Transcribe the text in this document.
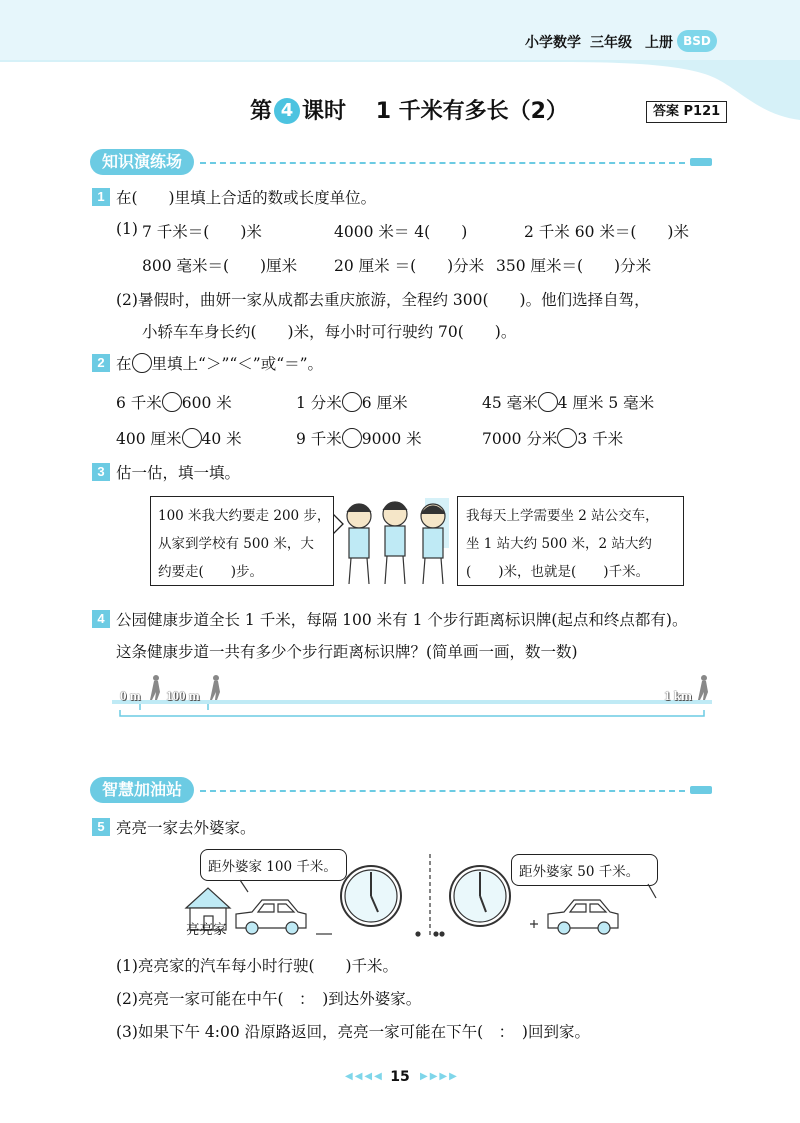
小学数学 三年级 上册 BSD
第 4 课时 1 千米有多长（2）	答案 P121
知识演练场
1 在(　　)里填上合适的数或长度单位。
(1) 7 千米＝(　　)米	4000 米＝ 4(　　)	2 千米 60 米＝(　　)米
800 毫米＝(　　)厘米 20 厘米 ＝(　　)分米 350 厘米＝(　　)分米
(2)暑假时，曲妍一家从成都去重庆旅游，全程约 300(　　)。他们选择自驾，
小轿车车身长约(　　)米，每小时可行驶约 70(　　)。
2 在 里填上“＞”“＜”或“＝”。
6 千米 600 米	1 分米 6 厘米	45 毫米 4 厘米 5 毫米
400 厘米 40 米	9 千米 9000 米	7000 分米 3 千米
3 估一估，填一填。
100 米我大约要走 200 步，
从家到学校有 500 米，大
约要走(　　)步。
我每天上学需要坐 2 站公交车，
坐 1 站大约 500 米，2 站大约
(　　)米，也就是(　　)千米。
4 公园健康步道全长 1 千米，每隔 100 米有 1 个步行距离标识牌(起点和终点都有)。
这条健康步道一共有多少个步行距离标识牌？(简单画一画，数一数)
0 m 100 m	1 km
智慧加油站
5 亮亮一家去外婆家。
距外婆家 100 千米。	距外婆家 50 千米。
亮亮家
(1)亮亮家的汽车每小时行驶(　　)千米。
(2)亮亮一家可能在中午(　：　)到达外婆家。
(3)如果下午 4:00 沿原路返回，亮亮一家可能在下午(　：　)回到家。
◀◀◀◀ 15	▶▶▶▶
